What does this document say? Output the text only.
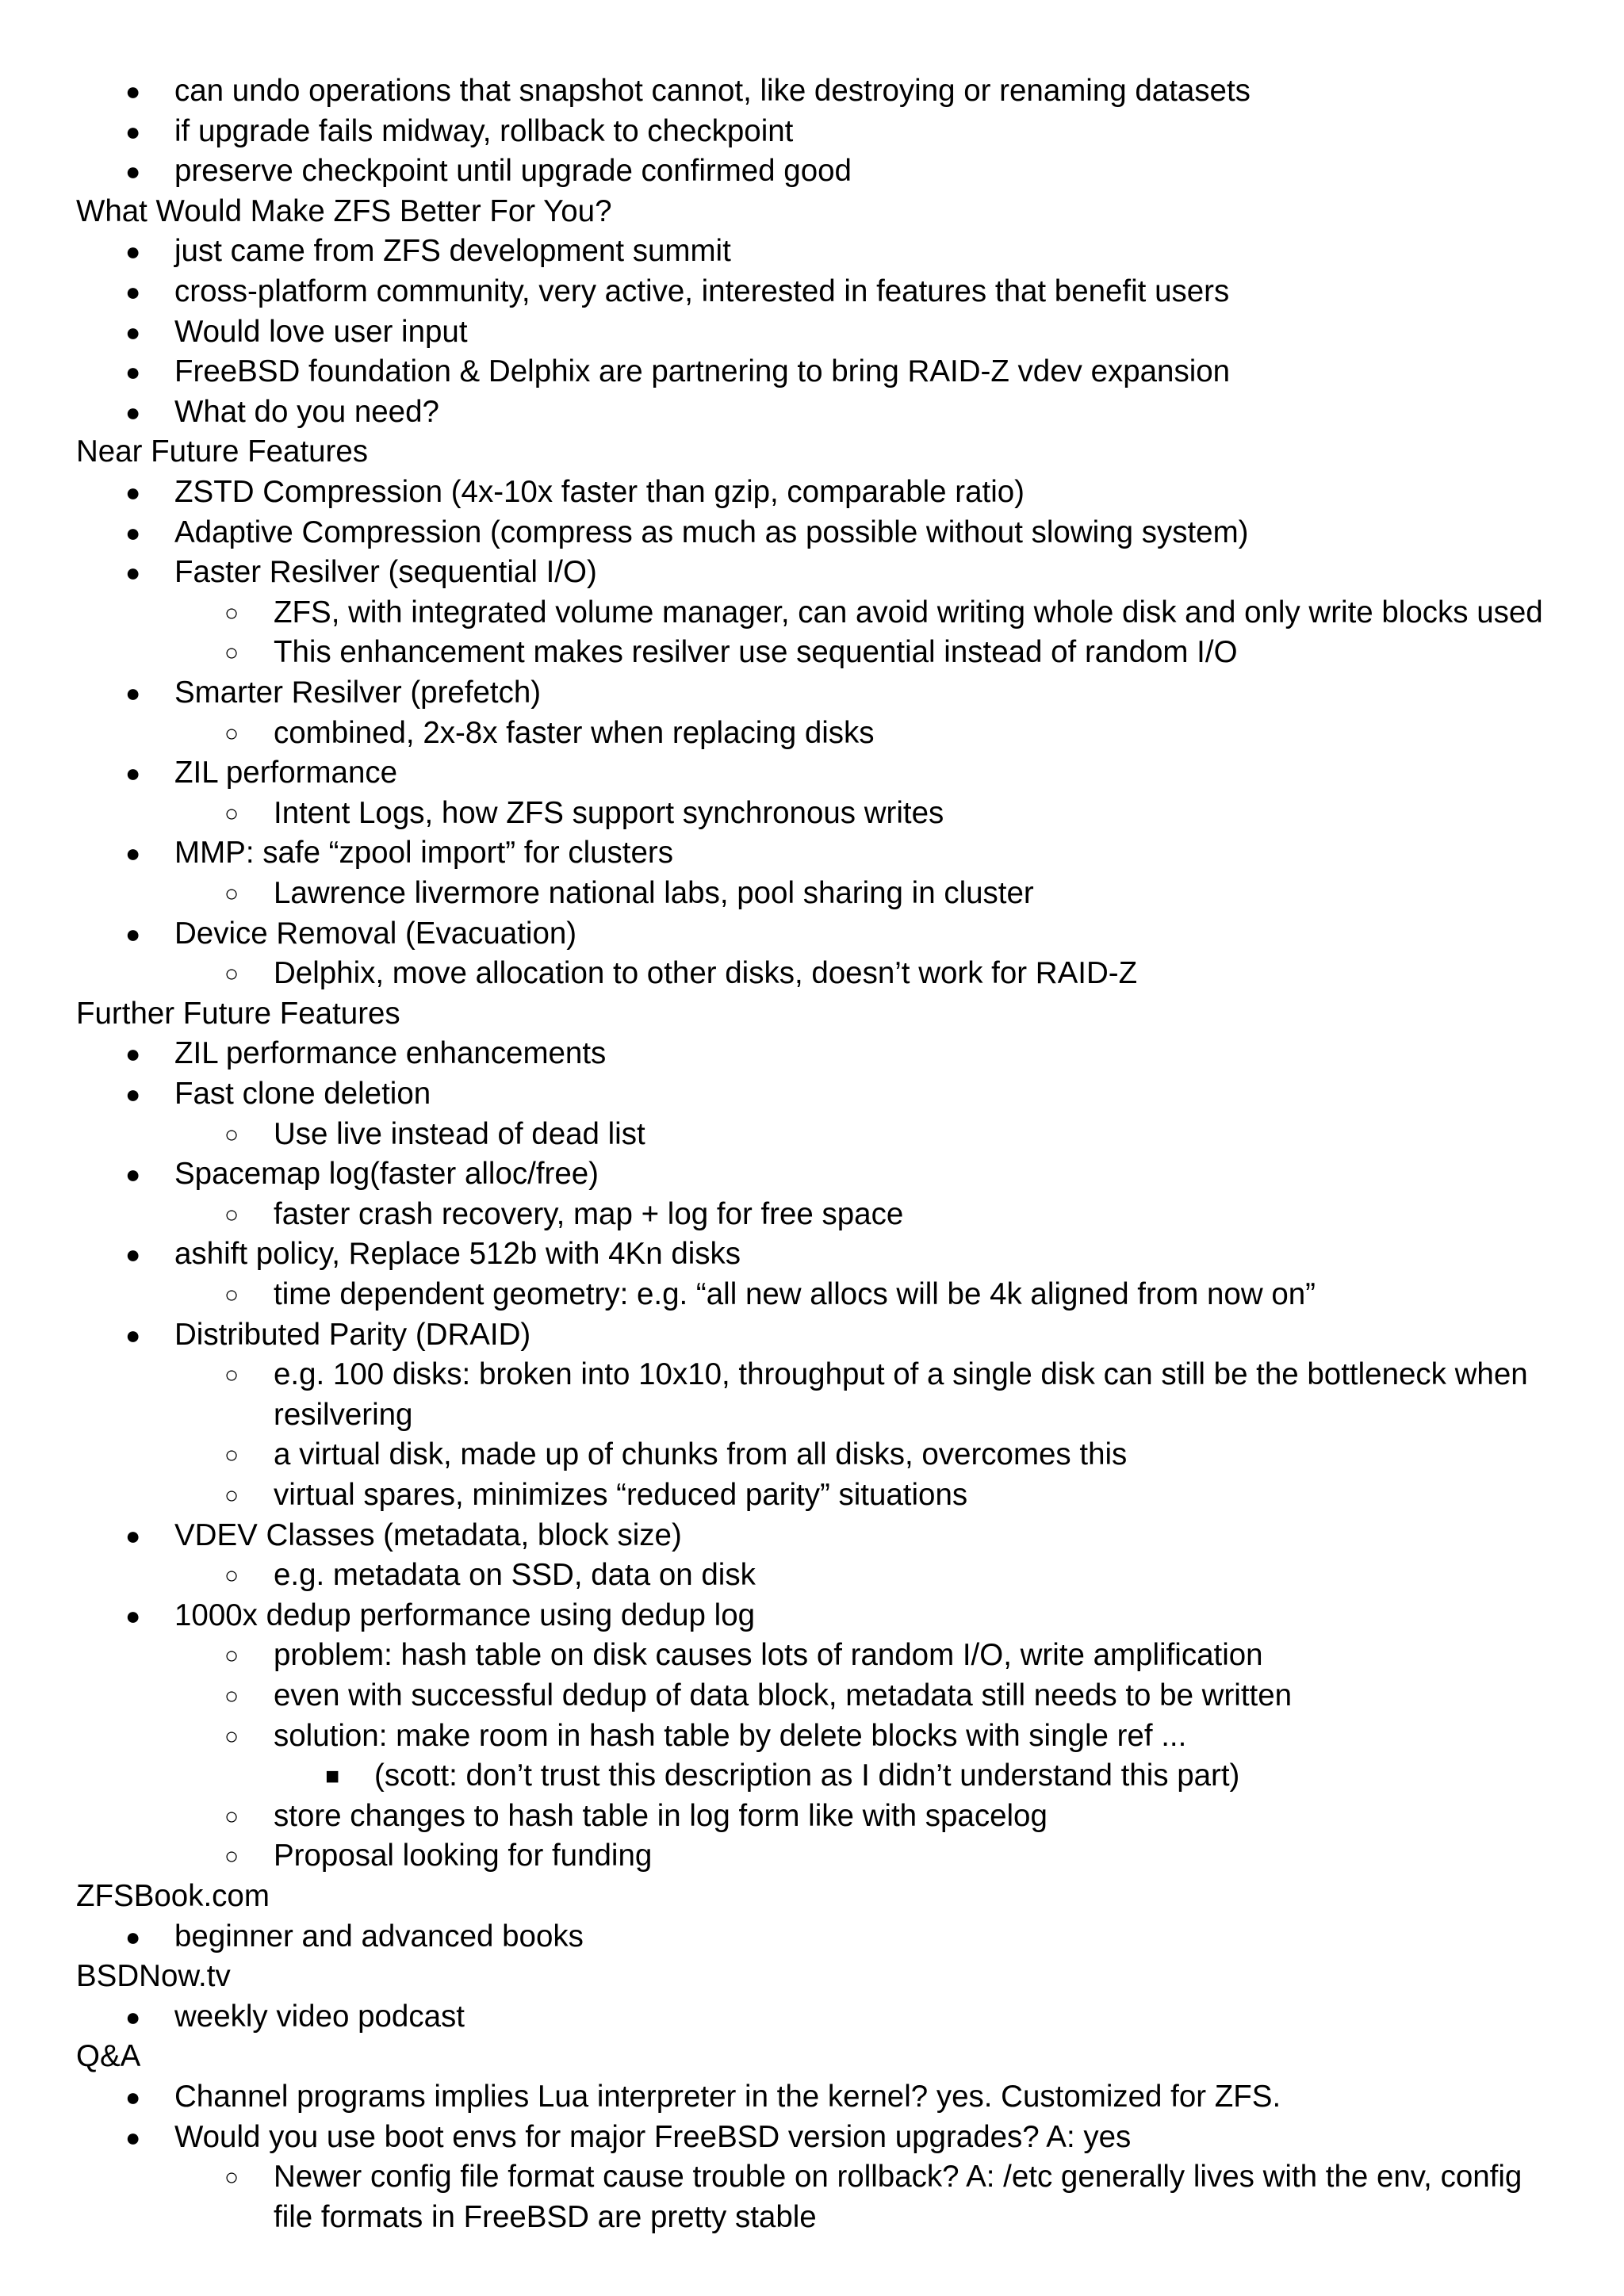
● can undo operations that snapshot cannot, like destroying or renaming datasets
● if upgrade fails midway, rollback to checkpoint
● preserve checkpoint until upgrade confirmed good
What Would Make ZFS Better For You?
● just came from ZFS development summit
● cross-platform community, very active, interested in features that benefit users
● Would love user input
● FreeBSD foundation & Delphix are partnering to bring RAID-Z vdev expansion
● What do you need?
Near Future Features
● ZSTD Compression (4x-10x faster than gzip, comparable ratio)
● Adaptive Compression (compress as much as possible without slowing system)
● Faster Resilver (sequential I/O)
○ ZFS, with integrated volume manager, can avoid writing whole disk and only write blocks used
○ This enhancement makes resilver use sequential instead of random I/O
● Smarter Resilver (prefetch)
○ combined, 2x-8x faster when replacing disks
● ZIL performance
○ Intent Logs, how ZFS support synchronous writes
● MMP: safe “zpool import” for clusters
○ Lawrence livermore national labs, pool sharing in cluster
● Device Removal (Evacuation)
○ Delphix, move allocation to other disks, doesn’t work for RAID-Z
Further Future Features
● ZIL performance enhancements
● Fast clone deletion
○ Use live instead of dead list
● Spacemap log(faster alloc/free)
○ faster crash recovery, map + log for free space
● ashift policy, Replace 512b with 4Kn disks
○ time dependent geometry: e.g. “all new allocs will be 4k aligned from now on”
● Distributed Parity (DRAID)
○ e.g. 100 disks: broken into 10x10, throughput of a single disk can still be the bottleneck when
resilvering
○ a virtual disk, made up of chunks from all disks, overcomes this
○ virtual spares, minimizes “reduced parity” situations
● VDEV Classes (metadata, block size)
○ e.g. metadata on SSD, data on disk
● 1000x dedup performance using dedup log
○ problem: hash table on disk causes lots of random I/O, write amplification
○ even with successful dedup of data block, metadata still needs to be written
○ solution: make room in hash table by delete blocks with single ref ...
■ (scott: don’t trust this description as I didn’t understand this part)
○ store changes to hash table in log form like with spacelog
○ Proposal looking for funding
ZFSBook.com
● beginner and advanced books
BSDNow.tv
● weekly video podcast
Q&A
● Channel programs implies Lua interpreter in the kernel? yes. Customized for ZFS.
● Would you use boot envs for major FreeBSD version upgrades? A: yes
○ Newer config file format cause trouble on rollback? A: /etc generally lives with the env, config
file formats in FreeBSD are pretty stable
